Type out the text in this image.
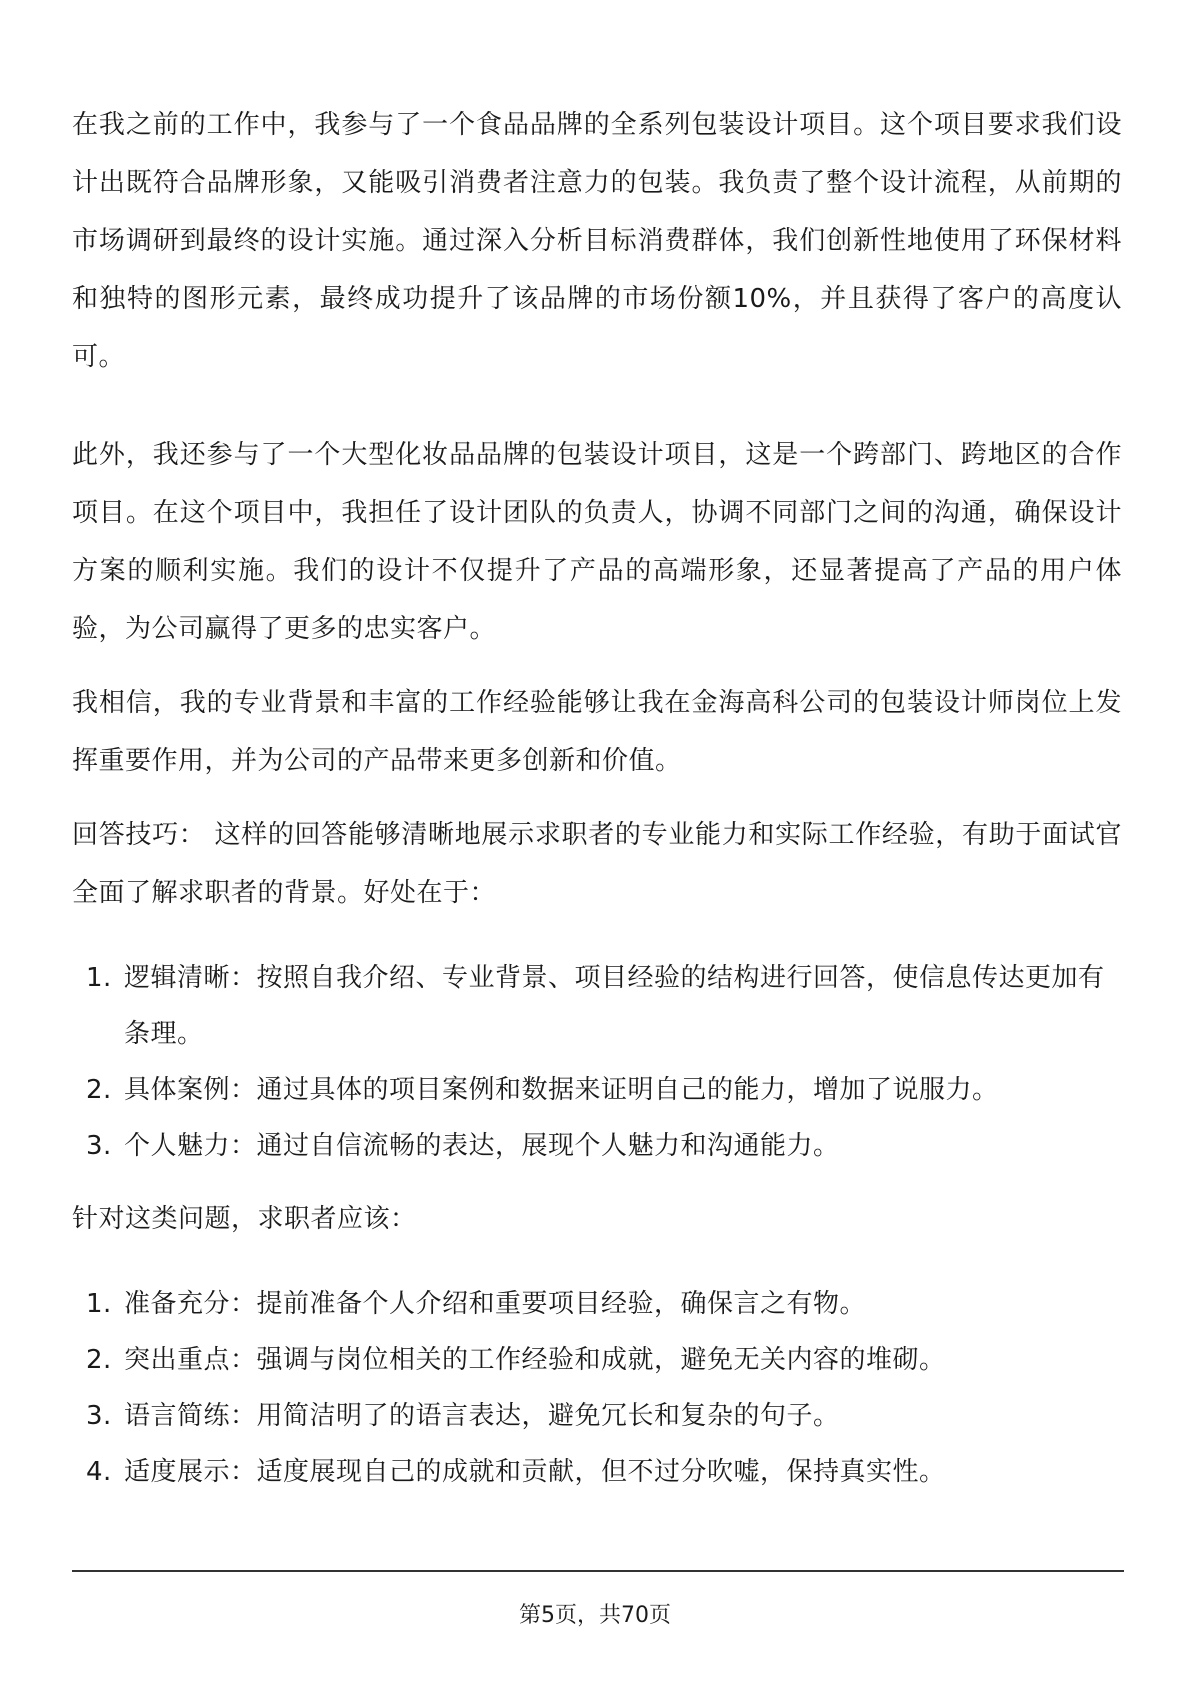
在我之前的工作中，我参与了一个食品品牌的全系列包装设计项目。这个项目要求我们设计出既符合品牌形象，又能吸引消费者注意力的包装。我负责了整个设计流程，从前期的市场调研到最终的设计实施。通过深入分析目标消费群体，我们创新性地使用了环保材料和独特的图形元素，最终成功提升了该品牌的市场份额10%，并且获得了客户的高度认可。

此外，我还参与了一个大型化妆品品牌的包装设计项目，这是一个跨部门、跨地区的合作项目。在这个项目中，我担任了设计团队的负责人，协调不同部门之间的沟通，确保设计方案的顺利实施。我们的设计不仅提升了产品的高端形象，还显著提高了产品的用户体验，为公司赢得了更多的忠实客户。

我相信，我的专业背景和丰富的工作经验能够让我在金海高科公司的包装设计师岗位上发挥重要作用，并为公司的产品带来更多创新和价值。

回答技巧： 这样的回答能够清晰地展示求职者的专业能力和实际工作经验，有助于面试官全面了解求职者的背景。好处在于：

1. 逻辑清晰：按照自我介绍、专业背景、项目经验的结构进行回答，使信息传达更加有条理。
2. 具体案例：通过具体的项目案例和数据来证明自己的能力，增加了说服力。
3. 个人魅力：通过自信流畅的表达，展现个人魅力和沟通能力。

针对这类问题，求职者应该：

1. 准备充分：提前准备个人介绍和重要项目经验，确保言之有物。
2. 突出重点：强调与岗位相关的工作经验和成就，避免无关内容的堆砌。
3. 语言简练：用简洁明了的语言表达，避免冗长和复杂的句子。
4. 适度展示：适度展现自己的成就和贡献，但不过分吹嘘，保持真实性。
第5页，共70页
